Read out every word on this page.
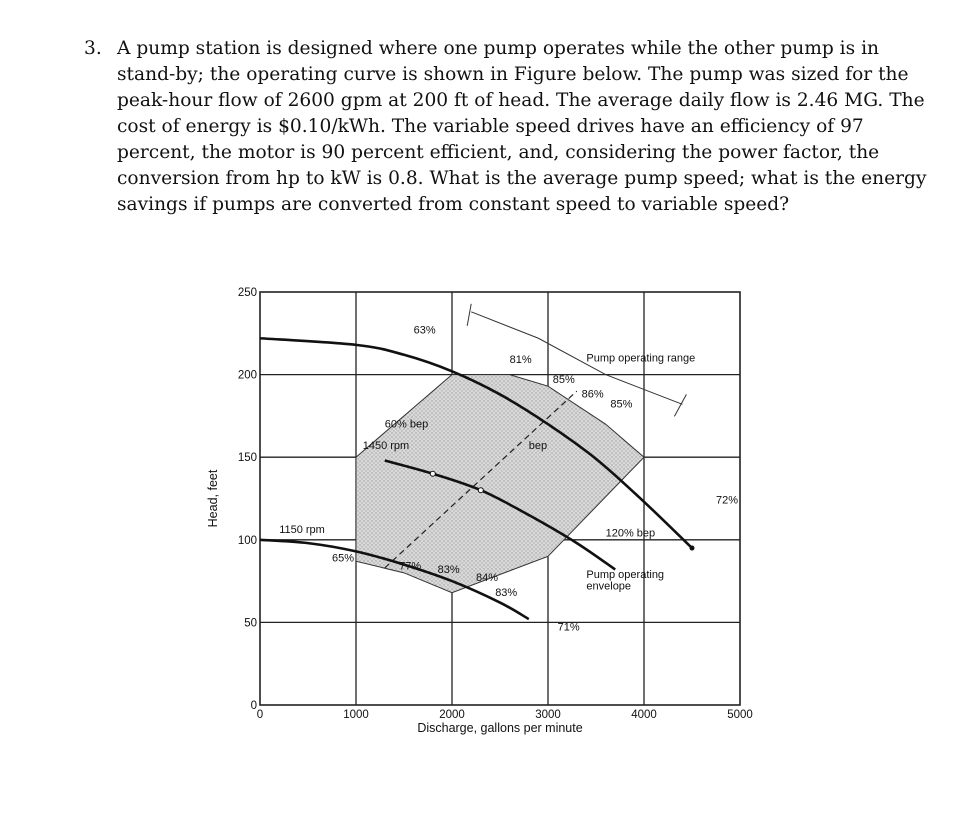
3. A pump station is designed where one pump operates while the other pump is in stand-by; the operating curve is shown in Figure below. The pump was sized for the peak-hour flow of 2600 gpm at 200 ft of head. The average daily flow is 2.46 MG. The cost of energy is $0.10/kWh. The variable speed drives have an efficiency of 97 percent, the motor is 90 percent efficient, and, considering the power factor, the conversion from hp to kW is 0.8. What is the average pump speed; what is the energy savings if pumps are converted from constant speed to variable speed?
0	1000	2000	3000	4000	5000
0
50
100
150
200
250
Discharge, gallons per minute
Head, feet
63%
81%	Pump operating range
85%
86%
85%
60% bep
1450 rpm	bep
72%
1150 rpm	120% bep
65%
77% 83%
84%	Pump operating
envelope
83%
71%
